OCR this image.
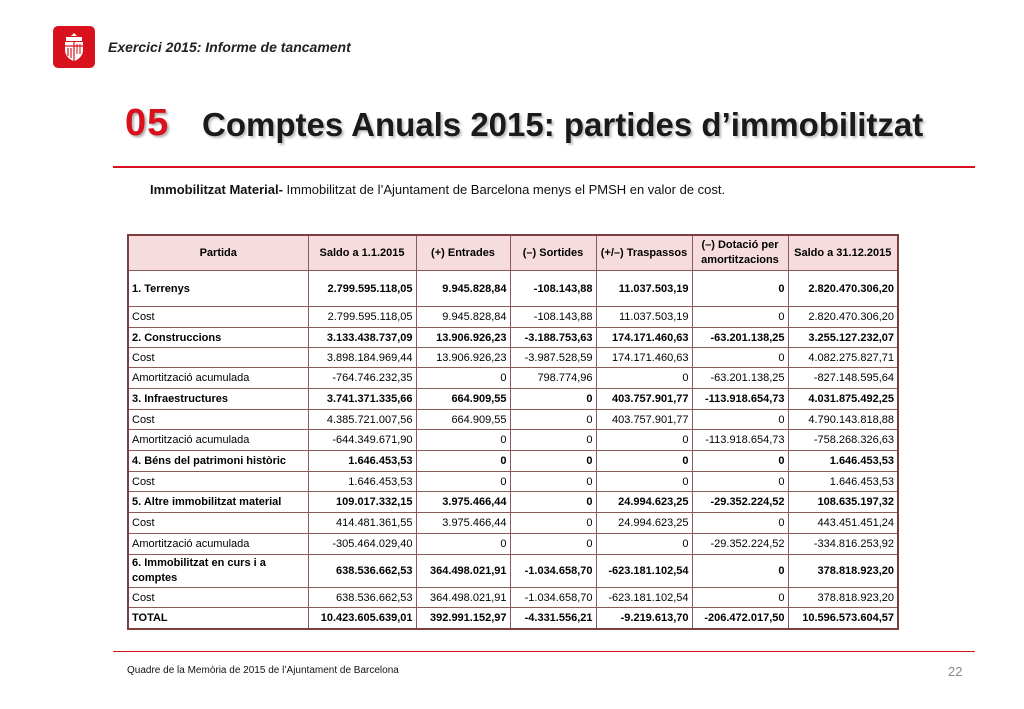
Exercici 2015: Informe de tancament
05 Comptes Anuals 2015: partides d’immobilitzat
Immobilitzat Material- Immobilitzat de l’Ajuntament de Barcelona menys el PMSH en valor de cost.
Partida	Saldo a 1.1.2015	(+) Entrades	(–) Sortides	(+/–) Traspassos	(–) Dotació per amortitzacions	Saldo a 31.12.2015
1. Terrenys	2.799.595.118,05	9.945.828,84	-108.143,88	11.037.503,19	0	2.820.470.306,20
Cost	2.799.595.118,05	9.945.828,84	-108.143,88	11.037.503,19	0	2.820.470.306,20
2. Construccions	3.133.438.737,09	13.906.926,23	-3.188.753,63	174.171.460,63	-63.201.138,25	3.255.127.232,07
Cost	3.898.184.969,44	13.906.926,23	-3.987.528,59	174.171.460,63	0	4.082.275.827,71
Amortització acumulada	-764.746.232,35	0	798.774,96	0	-63.201.138,25	-827.148.595,64
3. Infraestructures	3.741.371.335,66	664.909,55	0	403.757.901,77	-113.918.654,73	4.031.875.492,25
Cost	4.385.721.007,56	664.909,55	0	403.757.901,77	0	4.790.143.818,88
Amortització acumulada	-644.349.671,90	0	0	0	-113.918.654,73	-758.268.326,63
4. Béns del patrimoni històric	1.646.453,53	0	0	0	0	1.646.453,53
Cost	1.646.453,53	0	0	0	0	1.646.453,53
5. Altre immobilitzat material	109.017.332,15	3.975.466,44	0	24.994.623,25	-29.352.224,52	108.635.197,32
Cost	414.481.361,55	3.975.466,44	0	24.994.623,25	0	443.451.451,24
Amortització acumulada	-305.464.029,40	0	0	0	-29.352.224,52	-334.816.253,92
6. Immobilitzat en curs i a comptes	638.536.662,53	364.498.021,91	-1.034.658,70	-623.181.102,54	0	378.818.923,20
Cost	638.536.662,53	364.498.021,91	-1.034.658,70	-623.181.102,54	0	378.818.923,20
TOTAL	10.423.605.639,01	392.991.152,97	-4.331.556,21	-9.219.613,70	-206.472.017,50	10.596.573.604,57
Quadre de la Memòria de 2015 de l’Ajuntament de Barcelona	22
